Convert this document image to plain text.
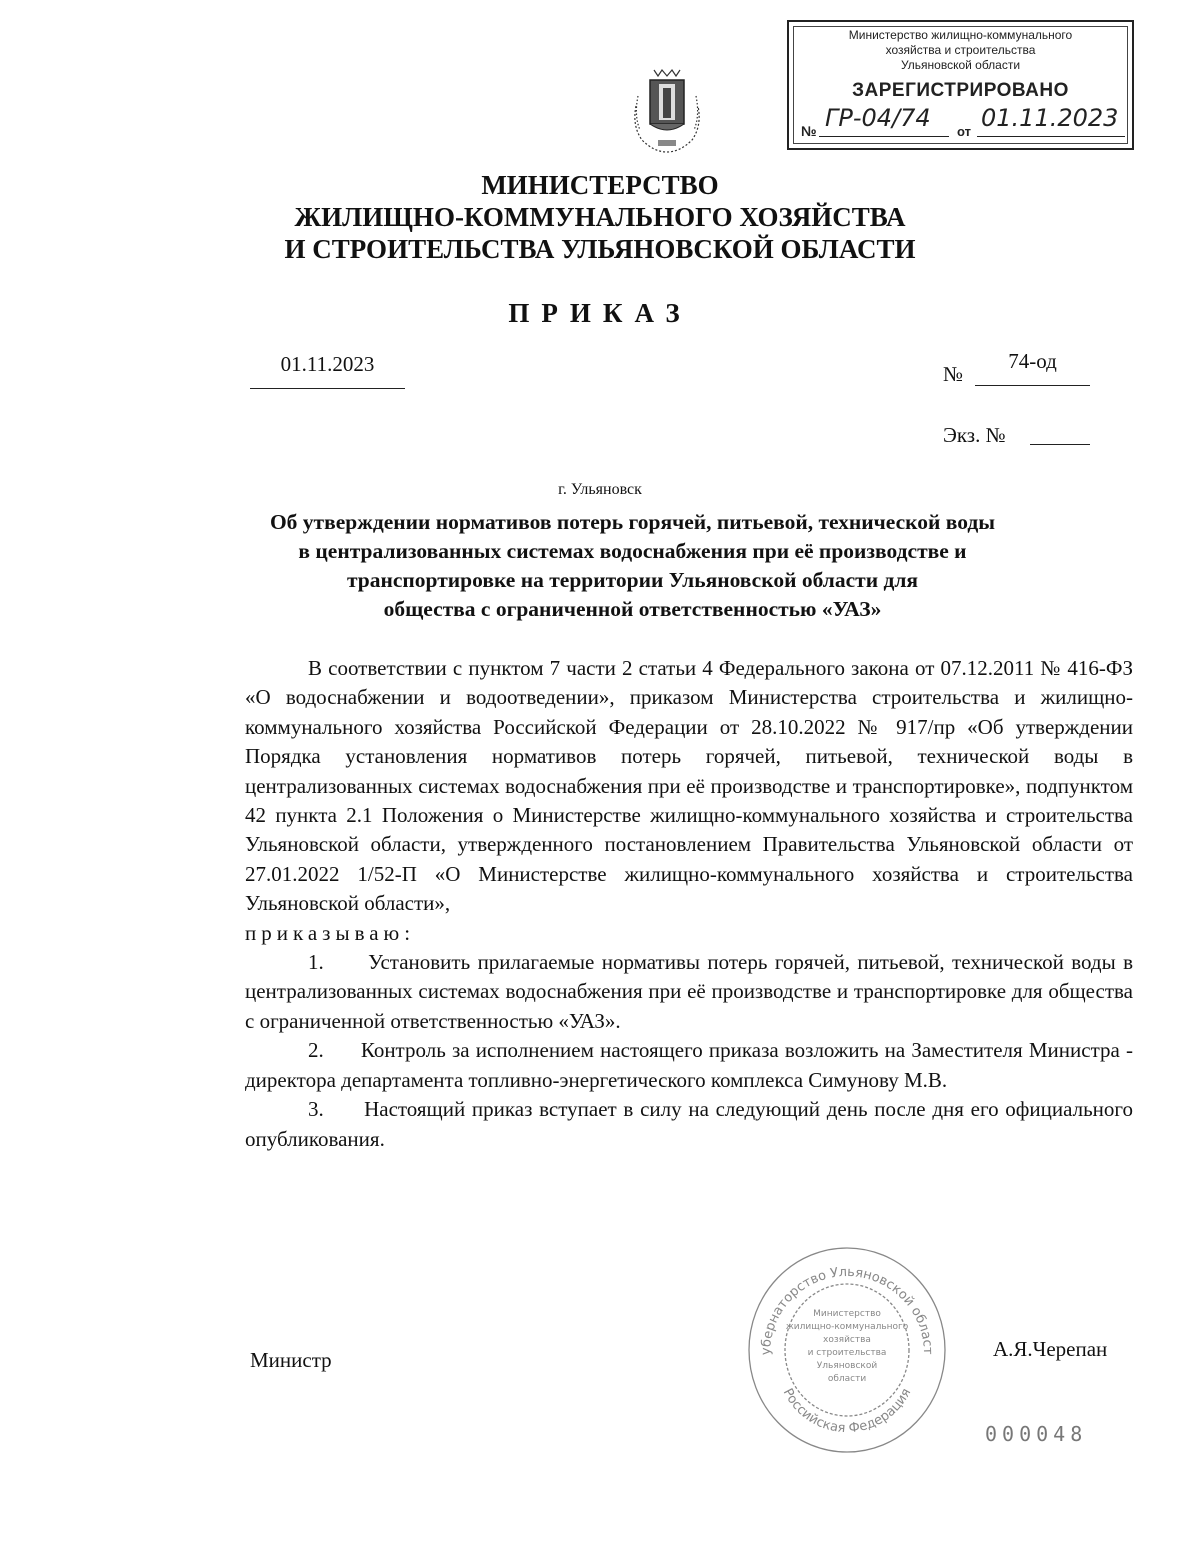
Министерство жилищно-коммунального
хозяйства и строительства
Ульяновской области
ЗАРЕГИСТРИРОВАНО
№ ГР-04/74 от 01.11.2023
МИНИСТЕРСТВО
ЖИЛИЩНО-КОММУНАЛЬНОГО ХОЗЯЙСТВА
И СТРОИТЕЛЬСТВА УЛЬЯНОВСКОЙ ОБЛАСТИ
ПРИКАЗ
01.11.2023	№
74-од
Экз. №
г. Ульяновск
Об утверждении нормативов потерь горячей, питьевой, технической воды
в централизованных системах водоснабжения при её производстве и
транспортировке на территории Ульяновской области для
общества с ограниченной ответственностью «УАЗ»

В соответствии с пунктом 7 части 2 статьи 4 Федерального закона от 07.12.2011 № 416-ФЗ «О водоснабжении и водоотведении», приказом Министерства строительства и жилищно-коммунального хозяйства Российской Федерации от 28.10.2022 № 917/пр «Об утверждении Порядка установления нормативов потерь горячей, питьевой, технической воды в централизованных системах водоснабжения при её производстве и транспортировке», подпунктом 42 пункта 2.1 Положения о Министерстве жилищно-коммунального хозяйства и строительства Ульяновской области, утвержденного постановлением Правительства Ульяновской области от 27.01.2022 1/52-П «О Министерстве жилищно-коммунального хозяйства и строительства Ульяновской области»,

приказываю:

1. Установить прилагаемые нормативы потерь горячей, питьевой, технической воды в централизованных системах водоснабжения при её производстве и транспортировке для общества с ограниченной ответственностью «УАЗ».

2. Контроль за исполнением настоящего приказа возложить на Заместителя Министра - директора департамента топливно-энергетического комплекса Симунову М.В.

3. Настоящий приказ вступает в силу на следующий день после дня его официального опубликования.

Министр	А.Я.Черепан
убернаторство Ульяновской област
Российская Федерация
Министерство
жилищно-коммунального
хозяйства
и строительства
Ульяновской
области
000048
